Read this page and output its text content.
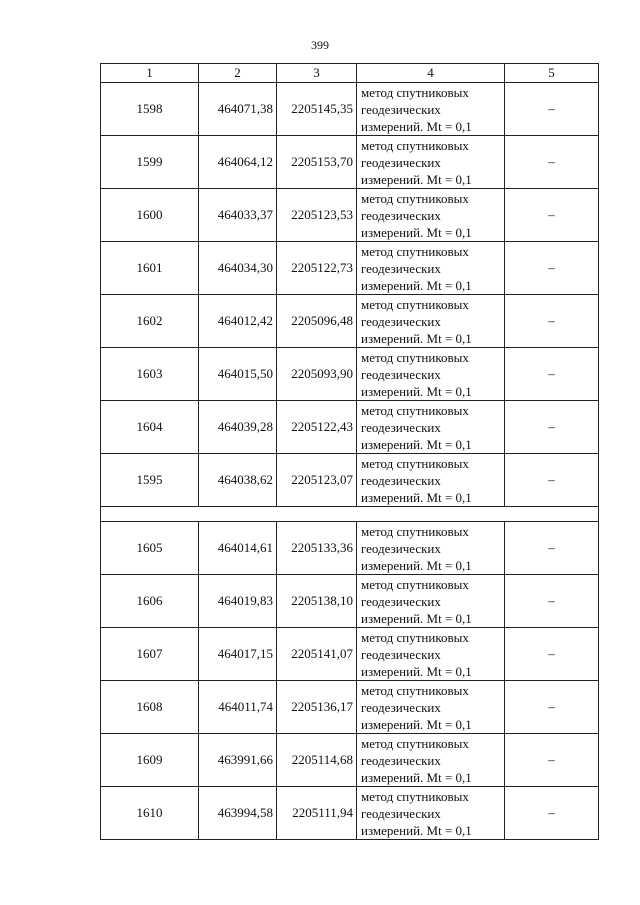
399
1	2	3	4	5
1598	464071,38	2205145,35	метод спутниковых
геодезических
измерений. Mt = 0,1	–
1599	464064,12	2205153,70	метод спутниковых
геодезических
измерений. Mt = 0,1	–
1600	464033,37	2205123,53	метод спутниковых
геодезических
измерений. Mt = 0,1	–
1601	464034,30	2205122,73	метод спутниковых
геодезических
измерений. Mt = 0,1	–
1602	464012,42	2205096,48	метод спутниковых
геодезических
измерений. Mt = 0,1	–
1603	464015,50	2205093,90	метод спутниковых
геодезических
измерений. Mt = 0,1	–
1604	464039,28	2205122,43	метод спутниковых
геодезических
измерений. Mt = 0,1	–
1595	464038,62	2205123,07	метод спутниковых
геодезических
измерений. Mt = 0,1	–

1605	464014,61	2205133,36	метод спутниковых
геодезических
измерений. Mt = 0,1	–
1606	464019,83	2205138,10	метод спутниковых
геодезических
измерений. Mt = 0,1	–
1607	464017,15	2205141,07	метод спутниковых
геодезических
измерений. Mt = 0,1	–
1608	464011,74	2205136,17	метод спутниковых
геодезических
измерений. Mt = 0,1	–
1609	463991,66	2205114,68	метод спутниковых
геодезических
измерений. Mt = 0,1	–
1610	463994,58	2205111,94	метод спутниковых
геодезических
измерений. Mt = 0,1	–
